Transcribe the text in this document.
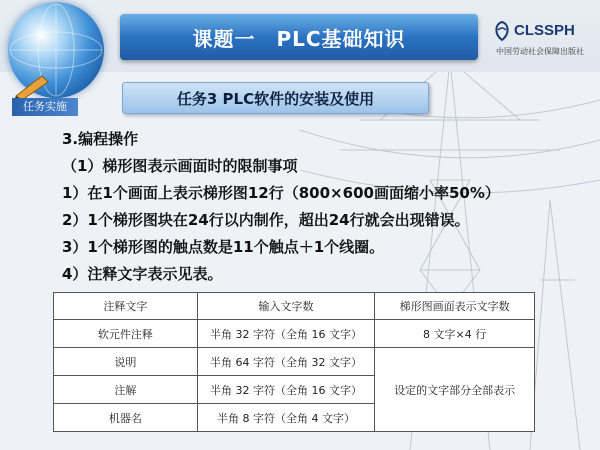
课题一　PLC基础知识	CLSSPH
中国劳动社会保障出版社
任务实施	任务3 PLC软件的安装及使用
3.编程操作
（1）梯形图表示画面时的限制事项
1）在1个画面上表示梯形图12行（800×600画面缩小率50%）
2）1个梯形图块在24行以内制作，超出24行就会出现错误。
3）1个梯形图的触点数是11个触点＋1个线圈。
4）注释文字表示见表。
注释文字	输入文字数	梯形图画面表示文字数
软元件注释	半角 32 字符（全角 16 文字）	8 文字×4 行
说明	半角 64 字符（全角 32 文字）	设定的文字部分全部表示
注解	半角 32 字符（全角 16 文字）	
机器名	半角 8 字符（全角 4 文字）	
